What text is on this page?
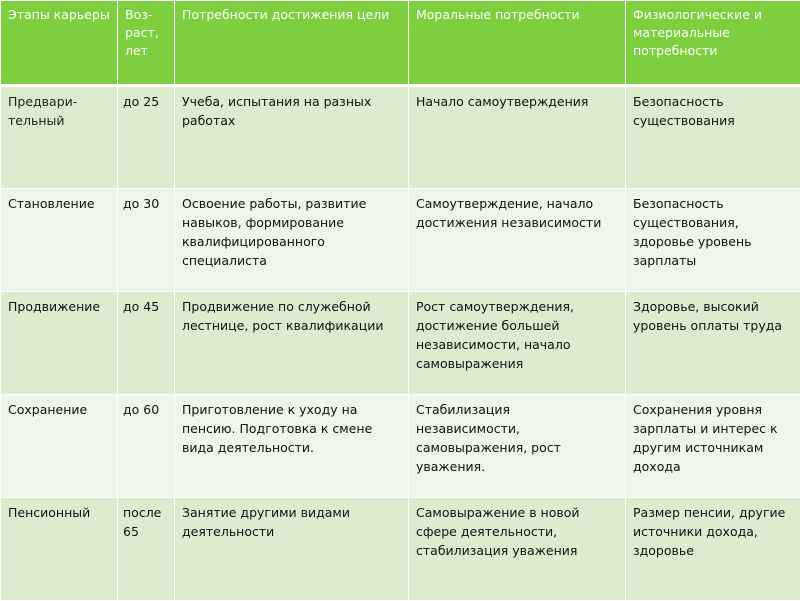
Этапы карьеры	Воз-раст, лет	Потребности достижения цели	Моральные потребности	Физиологические и материальные потребности
Предвари-тельный	до 25	Учеба, испытания на разных работах	Начало самоутверждения	Безопасность существования
Становление	до 30	Освоение работы, развитие навыков, формирование квалифицированного специалиста	Самоутверждение, начало достижения независимости	Безопасность существования, здоровье уровень зарплаты
Продвижение	до 45	Продвижение по служебной лестнице, рост квалификации	Рост самоутверждения, достижение большей независимости, начало самовыражения	Здоровье, высокий уровень оплаты труда
Сохранение	до 60	Приготовление к уходу на пенсию. Подготовка к смене вида деятельности.	Стабилизация независимости, самовыражения, рост уважения.	Сохранения уровня зарплаты и интерес к другим источникам дохода
Пенсионный	после 65	Занятие другими видами деятельности	Самовыражение в новой сфере деятельности, стабилизация уважения	Размер пенсии, другие источники дохода, здоровье
